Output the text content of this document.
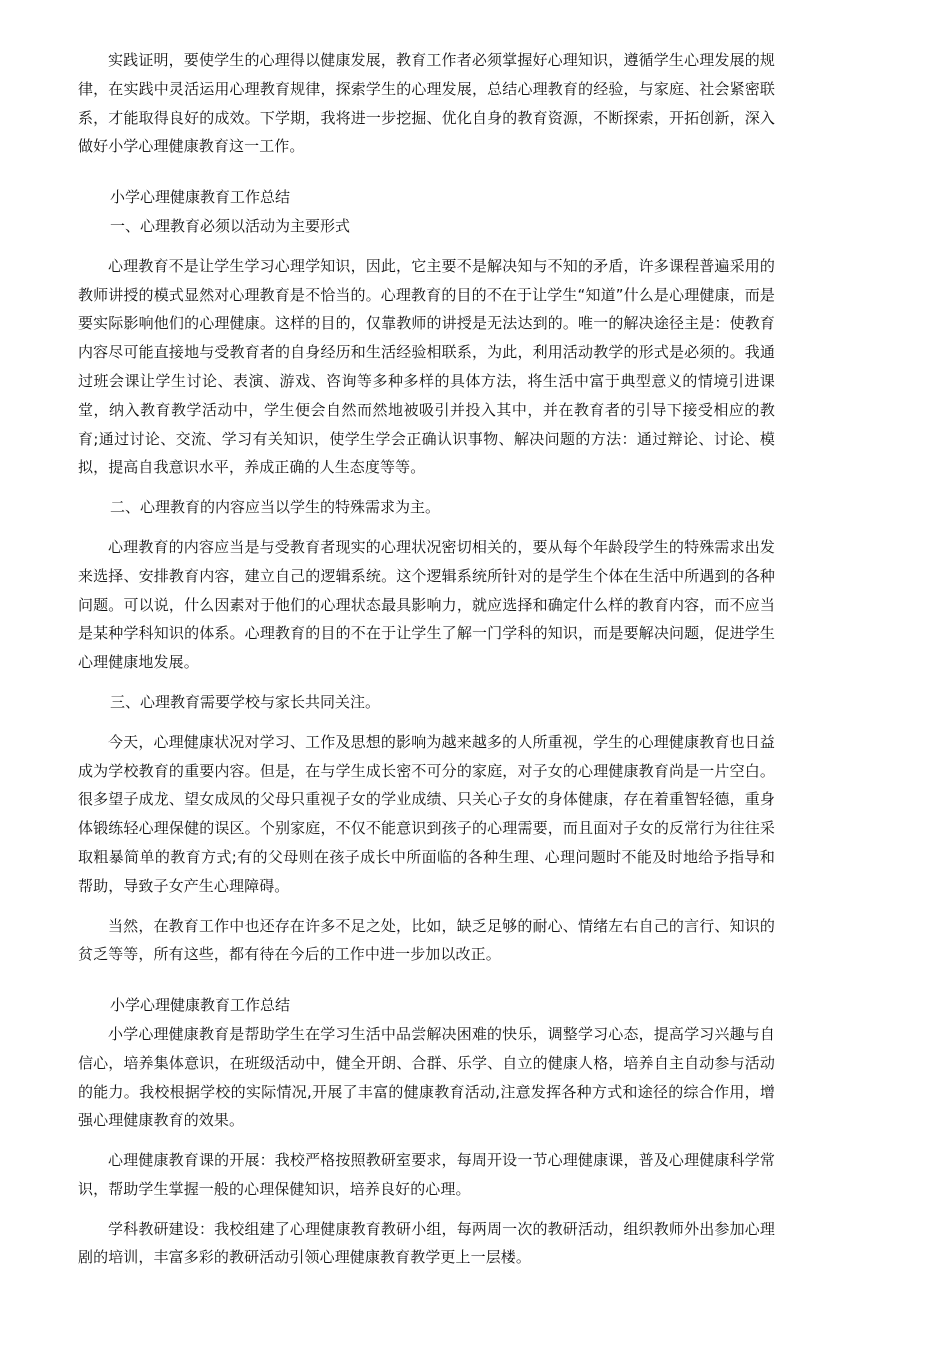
实践证明，要使学生的心理得以健康发展，教育工作者必须掌握好心理知识，遵循学生心理发展的规律，在实践中灵活运用心理教育规律，探索学生的心理发展，总结心理教育的经验，与家庭、社会紧密联系，才能取得良好的成效。下学期，我将进一步挖掘、优化自身的教育资源，不断探索，开拓创新，深入做好小学心理健康教育这一工作。

小学心理健康教育工作总结

一、心理教育必须以活动为主要形式

心理教育不是让学生学习心理学知识，因此，它主要不是解决知与不知的矛盾，许多课程普遍采用的教师讲授的模式显然对心理教育是不恰当的。心理教育的目的不在于让学生“知道”什么是心理健康，而是要实际影响他们的心理健康。这样的目的，仅靠教师的讲授是无法达到的。唯一的解决途径主是：使教育内容尽可能直接地与受教育者的自身经历和生活经验相联系，为此，利用活动教学的形式是必须的。我通过班会课让学生讨论、表演、游戏、咨询等多种多样的具体方法，将生活中富于典型意义的情境引进课堂，纳入教育教学活动中，学生便会自然而然地被吸引并投入其中，并在教育者的引导下接受相应的教育;通过讨论、交流、学习有关知识，使学生学会正确认识事物、解决问题的方法：通过辩论、讨论、模拟，提高自我意识水平，养成正确的人生态度等等。

二、心理教育的内容应当以学生的特殊需求为主。

心理教育的内容应当是与受教育者现实的心理状况密切相关的，要从每个年龄段学生的特殊需求出发来选择、安排教育内容，建立自己的逻辑系统。这个逻辑系统所针对的是学生个体在生活中所遇到的各种问题。可以说，什么因素对于他们的心理状态最具影响力，就应选择和确定什么样的教育内容，而不应当是某种学科知识的体系。心理教育的目的不在于让学生了解一门学科的知识，而是要解决问题，促进学生心理健康地发展。

三、心理教育需要学校与家长共同关注。

今天，心理健康状况对学习、工作及思想的影响为越来越多的人所重视，学生的心理健康教育也日益成为学校教育的重要内容。但是，在与学生成长密不可分的家庭，对子女的心理健康教育尚是一片空白。很多望子成龙、望女成凤的父母只重视子女的学业成绩、只关心子女的身体健康，存在着重智轻德，重身体锻练轻心理保健的误区。个别家庭，不仅不能意识到孩子的心理需要，而且面对子女的反常行为往往采取粗暴简单的教育方式;有的父母则在孩子成长中所面临的各种生理、心理问题时不能及时地给予指导和帮助，导致子女产生心理障碍。

当然，在教育工作中也还存在许多不足之处，比如，缺乏足够的耐心、情绪左右自己的言行、知识的贫乏等等，所有这些，都有待在今后的工作中进一步加以改正。

小学心理健康教育工作总结

小学心理健康教育是帮助学生在学习生活中品尝解决困难的快乐，调整学习心态，提高学习兴趣与自信心，培养集体意识，在班级活动中，健全开朗、合群、乐学、自立的健康人格，培养自主自动参与活动的能力。我校根据学校的实际情况,开展了丰富的健康教育活动,注意发挥各种方式和途径的综合作用，增强心理健康教育的效果。

心理健康教育课的开展：我校严格按照教研室要求，每周开设一节心理健康课，普及心理健康科学常识，帮助学生掌握一般的心理保健知识，培养良好的心理。

学科教研建设：我校组建了心理健康教育教研小组，每两周一次的教研活动，组织教师外出参加心理剧的培训，丰富多彩的教研活动引领心理健康教育教学更上一层楼。
